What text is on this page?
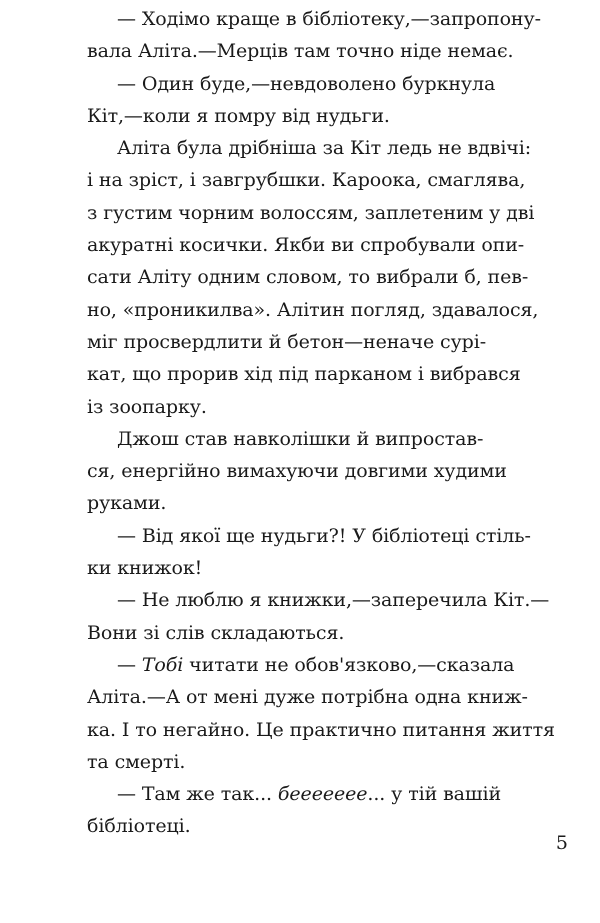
— Ходімо краще в бібліотеку,—запропону-
вала Аліта.—Мерців там точно ніде немає.
— Один буде,—невдоволено буркнула
Кіт,—коли я помру від нудьги.
Аліта була дрібніша за Кіт ледь не вдвічі:
і на зріст, і завгрубшки. Кароока, смаглява,
з густим чорним волоссям, заплетеним у дві
акуратні косички. Якби ви спробували опи-
сати Аліту одним словом, то вибрали б, пев-
но, «проникилва». Алітин погляд, здавалося,
міг просвердлити й бетон—неначе сурі-
кат, що прорив хід під парканом і вибрався
із зоопарку.
Джош став навколішки й випростав-
ся, енергійно вимахуючи довгими худими
руками.
— Від якої ще нудьги?! У бібліотеці стіль-
ки книжок!
— Не люблю я книжки,—заперечила Кіт.—
Вони зі слів складаються.
— Тобі читати не обов'язково,—сказала
Аліта.—А от мені дуже потрібна одна книж-
ка. І то негайно. Це практично питання життя
та смерті.
— Там же так... беееееее... у тій вашій
бібліотеці.
5
